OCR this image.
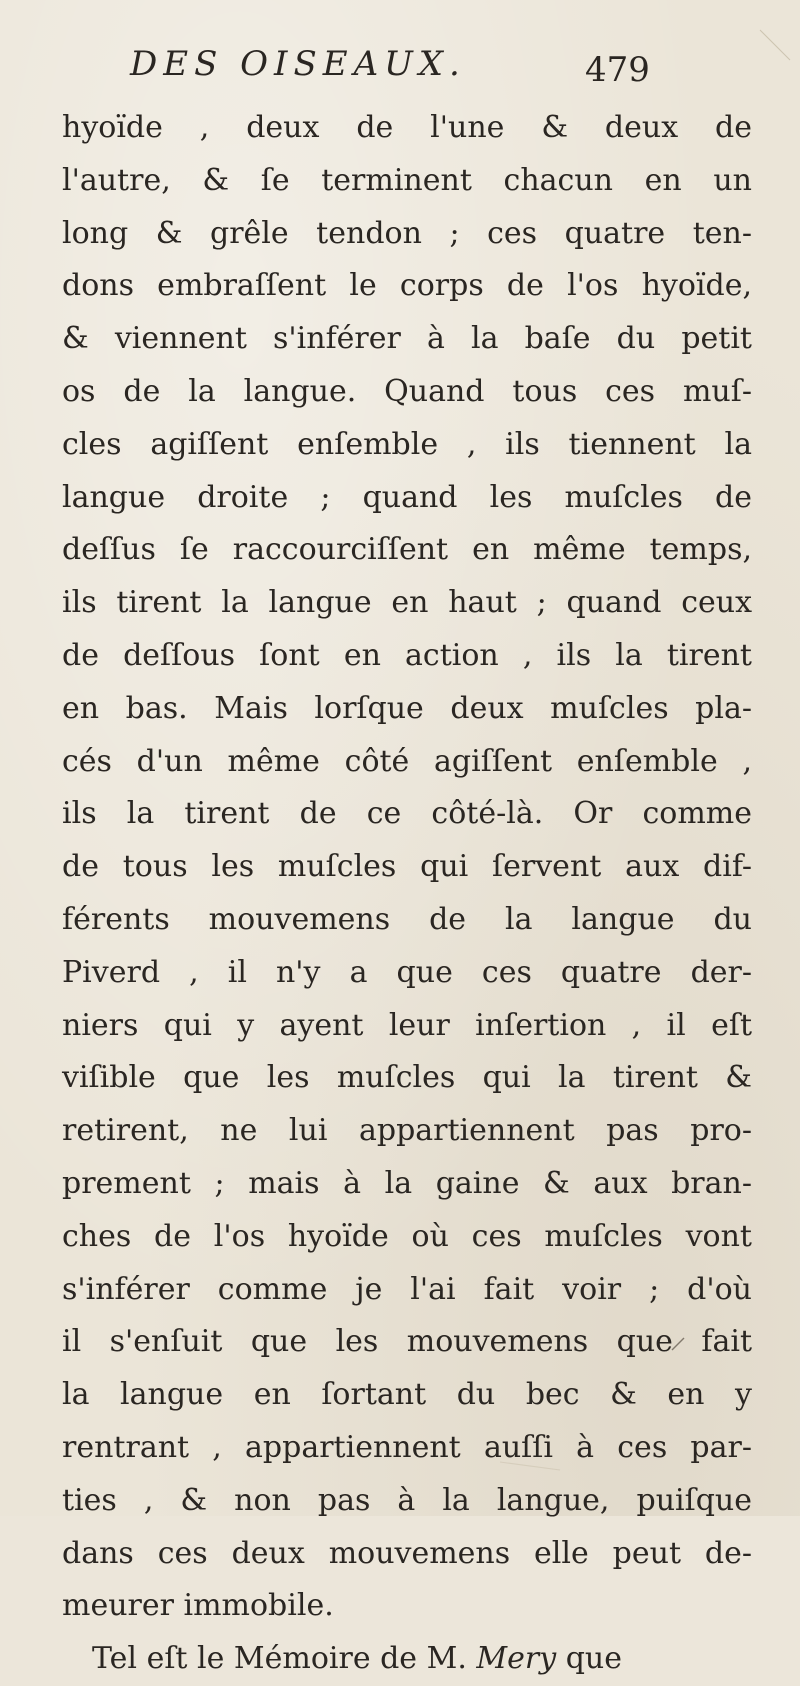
DES OISEAUX.	479
hyoïde , deux de l'une & deux de
l'autre, & ſe terminent chacun en un
long & grêle tendon ; ces quatre ten-
dons embraſſent le corps de l'os hyoïde,
& viennent s'inférer à la baſe du petit
os de la langue. Quand tous ces muſ-
cles agiſſent enſemble , ils tiennent la
langue droite ; quand les muſcles de
deſſus ſe raccourciſſent en même temps,
ils tirent la langue en haut ; quand ceux
de deſſous ſont en action , ils la tirent
en bas. Mais lorſque deux muſcles pla-
cés d'un même côté agiſſent enſemble ,
ils la tirent de ce côté-là. Or comme
de tous les muſcles qui ſervent aux dif-
férents mouvemens de la langue du
Piverd , il n'y a que ces quatre der-
niers qui y ayent leur inſertion , il eſt
viſible que les muſcles qui la tirent &
retirent, ne lui appartiennent pas pro-
prement ; mais à la gaine & aux bran-
ches de l'os hyoïde où ces muſcles vont
s'inférer comme je l'ai fait voir ; d'où
il s'enſuit que les mouvemens que fait
la langue en ſortant du bec & en y
rentrant , appartiennent auſſi à ces par-
ties , & non pas à la langue, puiſque
dans ces deux mouvemens elle peut de-
meurer immobile.
Tel eſt le Mémoire de M. Mery que
